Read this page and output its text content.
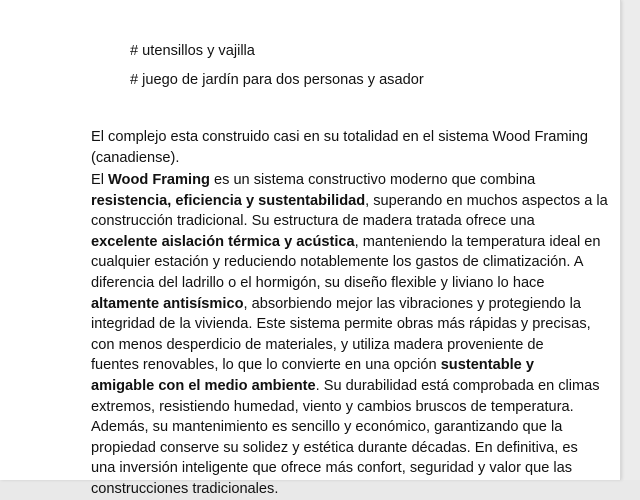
# utensillos y vajilla
# juego de jardín para dos personas y asador
El complejo esta construido casi en su totalidad en el sistema Wood Framing
(canadiense).
El Wood Framing es un sistema constructivo moderno que combina
resistencia, eficiencia y sustentabilidad, superando en muchos aspectos a la
construcción tradicional. Su estructura de madera tratada ofrece una
excelente aislación térmica y acústica, manteniendo la temperatura ideal en
cualquier estación y reduciendo notablemente los gastos de climatización. A
diferencia del ladrillo o el hormigón, su diseño flexible y liviano lo hace
altamente antisísmico, absorbiendo mejor las vibraciones y protegiendo la
integridad de la vivienda. Este sistema permite obras más rápidas y precisas,
con menos desperdicio de materiales, y utiliza madera proveniente de
fuentes renovables, lo que lo convierte en una opción sustentable y
amigable con el medio ambiente. Su durabilidad está comprobada en climas
extremos, resistiendo humedad, viento y cambios bruscos de temperatura.
Además, su mantenimiento es sencillo y económico, garantizando que la
propiedad conserve su solidez y estética durante décadas. En definitiva, es
una inversión inteligente que ofrece más confort, seguridad y valor que las
construcciones tradicionales.
